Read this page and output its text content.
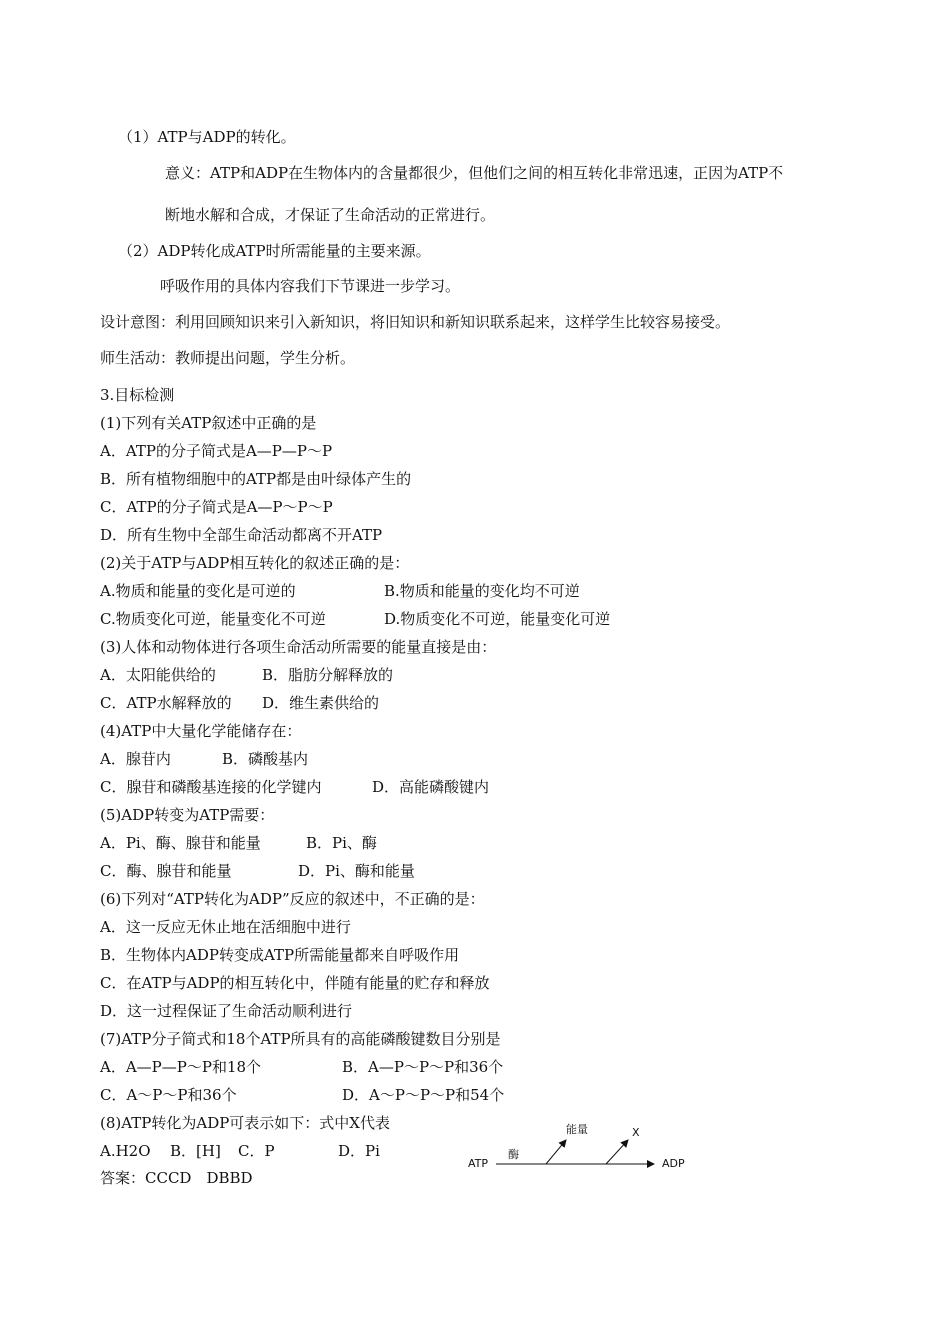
（1）ATP与ADP的转化。
意义：ATP和ADP在生物体内的含量都很少，但他们之间的相互转化非常迅速，正因为ATP不
断地水解和合成，才保证了生命活动的正常进行。
（2）ADP转化成ATP时所需能量的主要来源。
呼吸作用的具体内容我们下节课进一步学习。
设计意图：利用回顾知识来引入新知识，将旧知识和新知识联系起来，这样学生比较容易接受。
师生活动：教师提出问题，学生分析。
3.目标检测
(1)下列有关ATP叙述中正确的是
A．ATP的分子简式是A—P—P～P
B．所有植物细胞中的ATP都是由叶绿体产生的
C．ATP的分子简式是A—P～P～P
D．所有生物中全部生命活动都离不开ATP
(2)关于ATP与ADP相互转化的叙述正确的是：
A.物质和能量的变化是可逆的	B.物质和能量的变化均不可逆
C.物质变化可逆，能量变化不可逆	D.物质变化不可逆，能量变化可逆
(3)人体和动物体进行各项生命活动所需要的能量直接是由：
A．太阳能供给的	B．脂肪分解释放的
C．ATP水解释放的 D．维生素供给的
(4)ATP中大量化学能储存在：
A．腺苷内	B．磷酸基内
C．腺苷和磷酸基连接的化学键内	D．高能磷酸键内
(5)ADP转变为ATP需要：
A．Pi、酶、腺苷和能量	B．Pi、酶
C．酶、腺苷和能量	D．Pi、酶和能量
(6)下列对“ATP转化为ADP”反应的叙述中，不正确的是：
A．这一反应无休止地在活细胞中进行
B．生物体内ADP转变成ATP所需能量都来自呼吸作用
C．在ATP与ADP的相互转化中，伴随有能量的贮存和释放
D．这一过程保证了生命活动顺利进行
(7)ATP分子简式和18个ATP所具有的高能磷酸键数目分别是
A．A—P—P～P和18个	B．A—P～P～P和36个
C．A～P～P和36个	D．A～P～P～P和54个
(8)ATP转化为ADP可表示如下：式中X代表
A.H2O B．[H] C．P	D．Pi
答案：CCCD　DBBD
ATP
酶
能量	X
ADP
